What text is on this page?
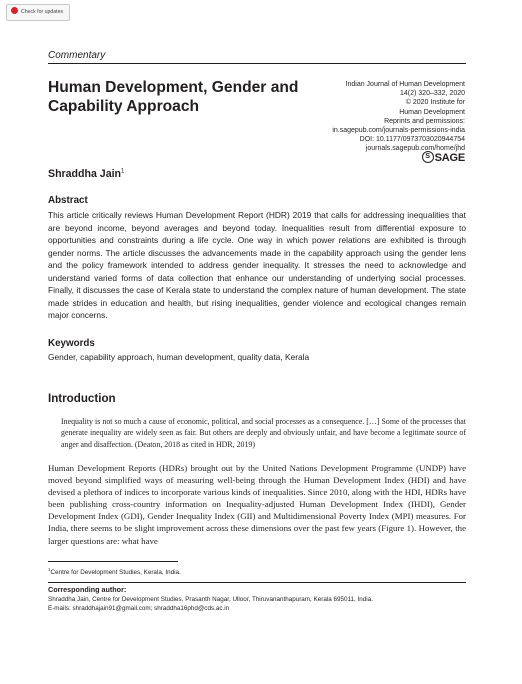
Check for updates
Commentary
Human Development, Gender and Capability Approach
Indian Journal of Human Development
14(2) 320–332, 2020
© 2020 Institute for
Human Development
Reprints and permissions:
in.sagepub.com/journals-permissions-india
DOI: 10.1177/0973703020944754
journals.sagepub.com/home/jhd
S SAGE
Shraddha Jain$^1$
Abstract
This article critically reviews Human Development Report (HDR) 2019 that calls for addressing inequalities that are beyond income, beyond averages and beyond today. Inequalities result from differential exposure to opportunities and constraints during a life cycle. One way in which power relations are exhibited is through gender norms. The article discusses the advancements made in the capability approach using the gender lens and the policy framework intended to address gender inequality. It stresses the need to acknowledge and understand varied forms of data collection that enhance our understanding of underlying social processes. Finally, it discusses the case of Kerala state to understand the complex nature of human development. The state made strides in education and health, but rising inequalities, gender violence and ecological changes remain major concerns.
Keywords
Gender, capability approach, human development, quality data, Kerala
Introduction
Inequality is not so much a cause of economic, political, and social processes as a consequence. […] Some of the processes that generate inequality are widely seen as fair. But others are deeply and obviously unfair, and have become a legitimate source of anger and disaffection. (Deaton, 2018 as cited in HDR, 2019)
Human Development Reports (HDRs) brought out by the United Nations Development Programme (UNDP) have moved beyond simplified ways of measuring well-being through the Human Development Index (HDI) and have devised a plethora of indices to incorporate various kinds of inequalities. Since 2010, along with the HDI, HDRs have been publishing cross-country information on Inequality-adjusted Human Development Index (IHDI), Gender Development Index (GDI), Gender Inequality Index (GII) and Multidimensional Poverty Index (MPI) measures. For India, there seems to be slight improvement across these dimensions over the past few years (Figure 1). However, the larger questions are: what have
$^1$Centre for Development Studies, Kerala, India.
Corresponding author:
Shraddha Jain, Centre for Development Studies, Prasanth Nagar, Ulloor, Thiruvananthapuram, Kerala 695011, India.
E-mails: shraddhajain91@gmail.com; shraddha16phd@cds.ac.in
